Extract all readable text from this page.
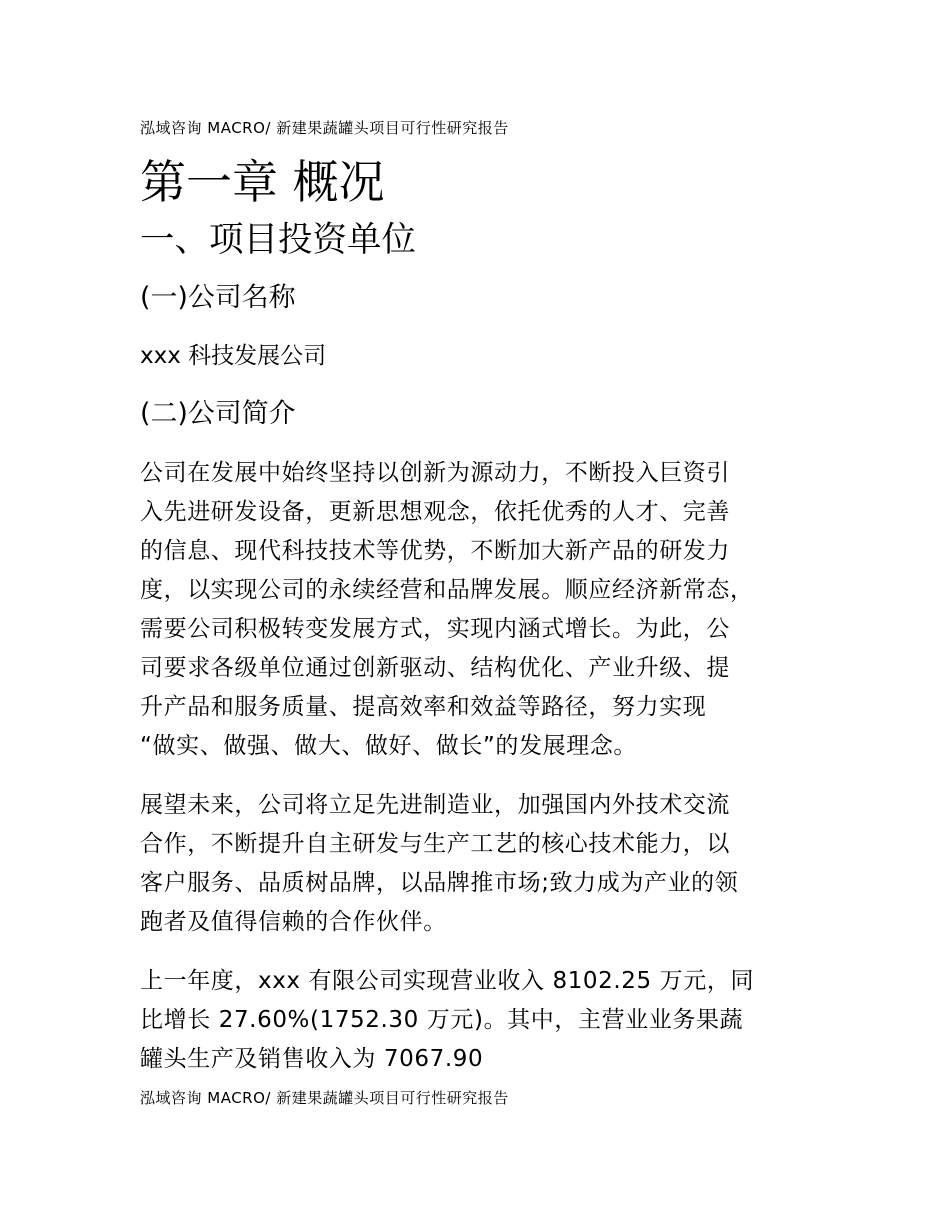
泓域咨询 MACRO/ 新建果蔬罐头项目可行性研究报告
第一章 概况
一、项目投资单位
(一)公司名称
xxx 科技发展公司
(二)公司简介

公司在发展中始终坚持以创新为源动力，不断投入巨资引
入先进研发设备，更新思想观念，依托优秀的人才、完善
的信息、现代科技技术等优势，不断加大新产品的研发力
度，以实现公司的永续经营和品牌发展。顺应经济新常态，
需要公司积极转变发展方式，实现内涵式增长。为此，公
司要求各级单位通过创新驱动、结构优化、产业升级、提
升产品和服务质量、提高效率和效益等路径，努力实现
“做实、做强、做大、做好、做长”的发展理念。

展望未来，公司将立足先进制造业，加强国内外技术交流
合作，不断提升自主研发与生产工艺的核心技术能力，以
客户服务、品质树品牌，以品牌推市场;致力成为产业的领
跑者及值得信赖的合作伙伴。

上一年度，xxx 有限公司实现营业收入 8102.25 万元，同
比增长 27.60%(1752.30 万元)。其中，主营业业务果蔬
罐头生产及销售收入为 7067.90

泓域咨询 MACRO/ 新建果蔬罐头项目可行性研究报告
